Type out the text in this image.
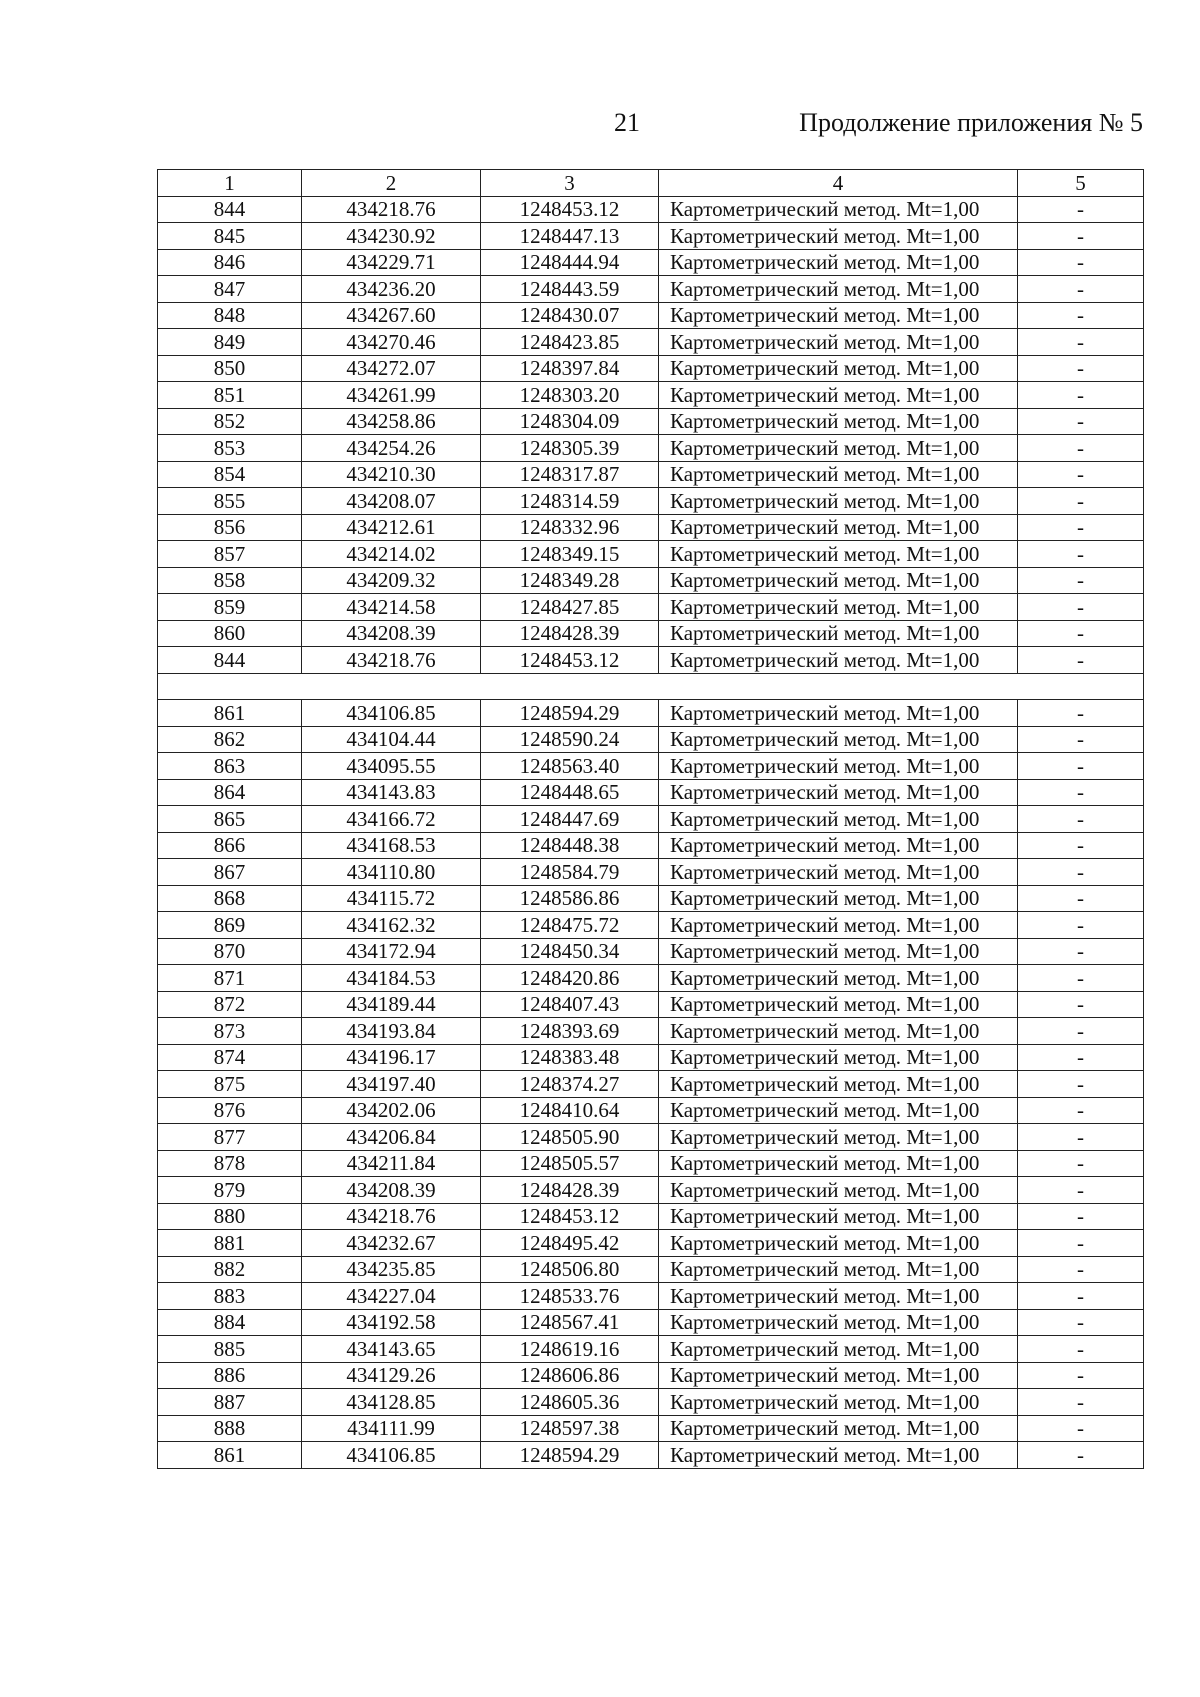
21	Продолжение приложения № 5
1	2	3	4	5
844	434218.76	1248453.12	Картометрический метод. Mt=1,00	-
845	434230.92	1248447.13	Картометрический метод. Mt=1,00	-
846	434229.71	1248444.94	Картометрический метод. Mt=1,00	-
847	434236.20	1248443.59	Картометрический метод. Mt=1,00	-
848	434267.60	1248430.07	Картометрический метод. Mt=1,00	-
849	434270.46	1248423.85	Картометрический метод. Mt=1,00	-
850	434272.07	1248397.84	Картометрический метод. Mt=1,00	-
851	434261.99	1248303.20	Картометрический метод. Mt=1,00	-
852	434258.86	1248304.09	Картометрический метод. Mt=1,00	-
853	434254.26	1248305.39	Картометрический метод. Mt=1,00	-
854	434210.30	1248317.87	Картометрический метод. Mt=1,00	-
855	434208.07	1248314.59	Картометрический метод. Mt=1,00	-
856	434212.61	1248332.96	Картометрический метод. Mt=1,00	-
857	434214.02	1248349.15	Картометрический метод. Mt=1,00	-
858	434209.32	1248349.28	Картометрический метод. Mt=1,00	-
859	434214.58	1248427.85	Картометрический метод. Mt=1,00	-
860	434208.39	1248428.39	Картометрический метод. Mt=1,00	-
844	434218.76	1248453.12	Картометрический метод. Mt=1,00	-

861	434106.85	1248594.29	Картометрический метод. Mt=1,00	-
862	434104.44	1248590.24	Картометрический метод. Mt=1,00	-
863	434095.55	1248563.40	Картометрический метод. Mt=1,00	-
864	434143.83	1248448.65	Картометрический метод. Mt=1,00	-
865	434166.72	1248447.69	Картометрический метод. Mt=1,00	-
866	434168.53	1248448.38	Картометрический метод. Mt=1,00	-
867	434110.80	1248584.79	Картометрический метод. Mt=1,00	-
868	434115.72	1248586.86	Картометрический метод. Mt=1,00	-
869	434162.32	1248475.72	Картометрический метод. Mt=1,00	-
870	434172.94	1248450.34	Картометрический метод. Mt=1,00	-
871	434184.53	1248420.86	Картометрический метод. Mt=1,00	-
872	434189.44	1248407.43	Картометрический метод. Mt=1,00	-
873	434193.84	1248393.69	Картометрический метод. Mt=1,00	-
874	434196.17	1248383.48	Картометрический метод. Mt=1,00	-
875	434197.40	1248374.27	Картометрический метод. Mt=1,00	-
876	434202.06	1248410.64	Картометрический метод. Mt=1,00	-
877	434206.84	1248505.90	Картометрический метод. Mt=1,00	-
878	434211.84	1248505.57	Картометрический метод. Mt=1,00	-
879	434208.39	1248428.39	Картометрический метод. Mt=1,00	-
880	434218.76	1248453.12	Картометрический метод. Mt=1,00	-
881	434232.67	1248495.42	Картометрический метод. Mt=1,00	-
882	434235.85	1248506.80	Картометрический метод. Mt=1,00	-
883	434227.04	1248533.76	Картометрический метод. Mt=1,00	-
884	434192.58	1248567.41	Картометрический метод. Mt=1,00	-
885	434143.65	1248619.16	Картометрический метод. Mt=1,00	-
886	434129.26	1248606.86	Картометрический метод. Mt=1,00	-
887	434128.85	1248605.36	Картометрический метод. Mt=1,00	-
888	434111.99	1248597.38	Картометрический метод. Mt=1,00	-
861	434106.85	1248594.29	Картометрический метод. Mt=1,00	-
